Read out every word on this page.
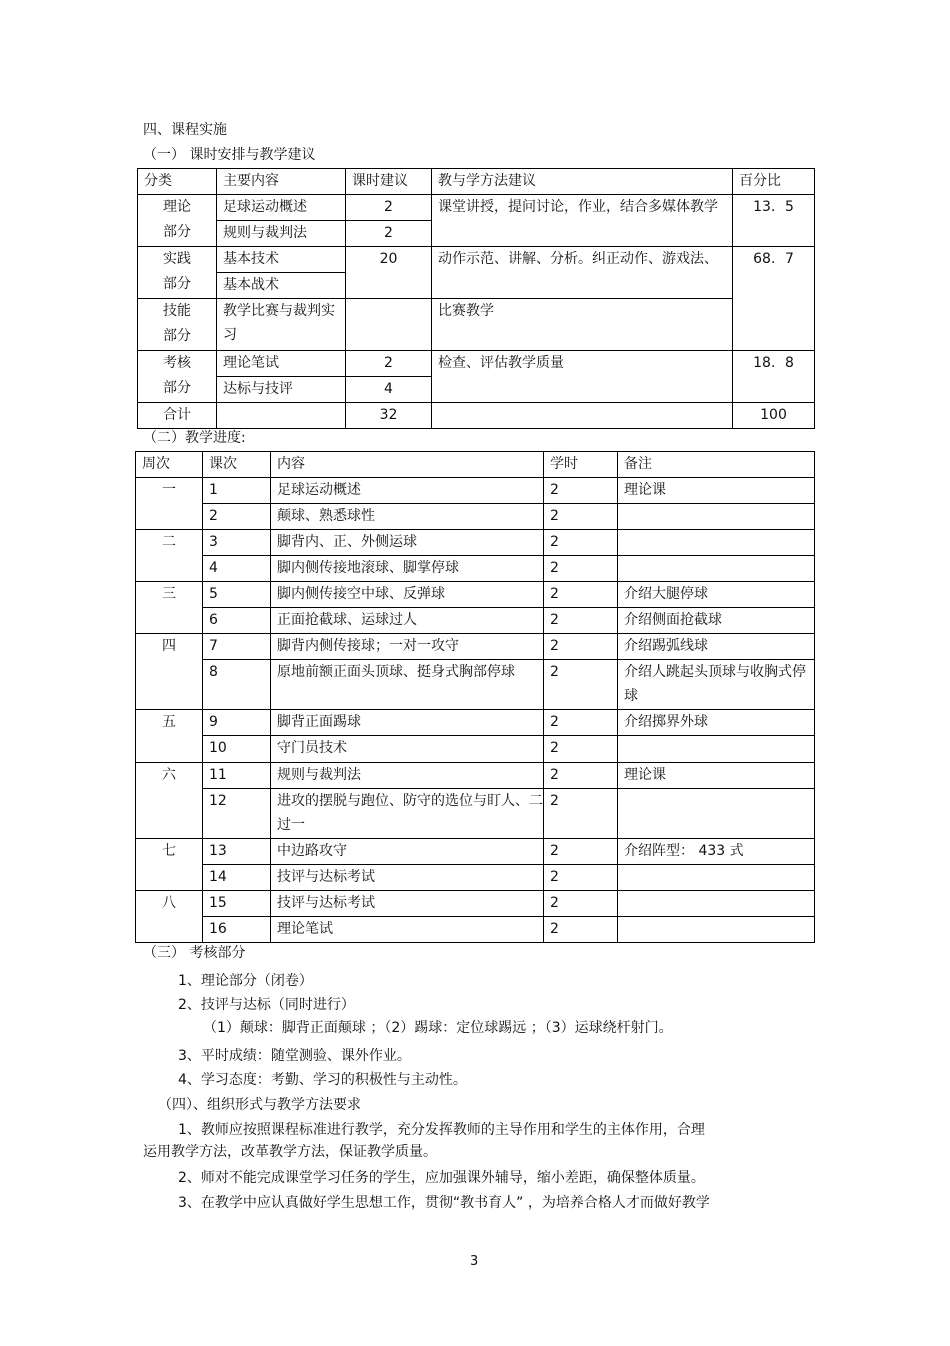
四、课程实施
（一） 课时安排与教学建议
分类	主要内容	课时建议	教与学方法建议	百分比

理论
部分	足球运动概述	2	课堂讲授，提问讨论，作业，结合多媒体教学	13．5
	规则与裁判法	2		

实践
部分	基本技术	20	动作示范、讲解、分析。纠正动作、游戏法、	68．7
	基本战术			

技能
部分	教学比赛与裁判实习		比赛教学	

考核
部分	理论笔试	2	检查、评估教学质量	18．8
	达标与技评	4		
合计		32		100
（二）教学进度:
周次	课次	内容	学时	备注
一	1	足球运动概述	2	理论课
	2	颠球、熟悉球性	2	
二	3	脚背内、正、外侧运球	2	
	4	脚内侧传接地滚球、脚掌停球	2	
三	5	脚内侧传接空中球、反弹球	2	介绍大腿停球
	6	正面抢截球、运球过人	2	介绍侧面抢截球
四	7	脚背内侧传接球；一对一攻守	2	介绍踢弧线球
	8	原地前额正面头顶球、挺身式胸部停球	2	介绍人跳起头顶球与收胸式停球
五	9	脚背正面踢球	2	介绍掷界外球
	10	守门员技术	2	
六	11	规则与裁判法	2	理论课
	12	进攻的摆脱与跑位、防守的选位与盯人、二过一	2	
七	13	中边路攻守	2	介绍阵型： 433 式
	14	技评与达标考试	2	
八	15	技评与达标考试	2	
	16	理论笔试	2	
（三） 考核部分
1、理论部分（闭卷）
2、技评与达标（同时进行）
（1）颠球：脚背正面颠球 ；（2）踢球：定位球踢远 ；（3）运球绕杆射门。
3、平时成绩：随堂测验、课外作业。
4、学习态度：考勤、学习的积极性与主动性。
（四）、组织形式与教学方法要求
1、教师应按照课程标准进行教学，充分发挥教师的主导作用和学生的主体作用，合理
运用教学方法，改革教学方法，保证教学质量。
2、师对不能完成课堂学习任务的学生，应加强课外辅导，缩小差距，确保整体质量。
3、在教学中应认真做好学生思想工作，贯彻“教书育人” ，为培养合格人才而做好教学
3
